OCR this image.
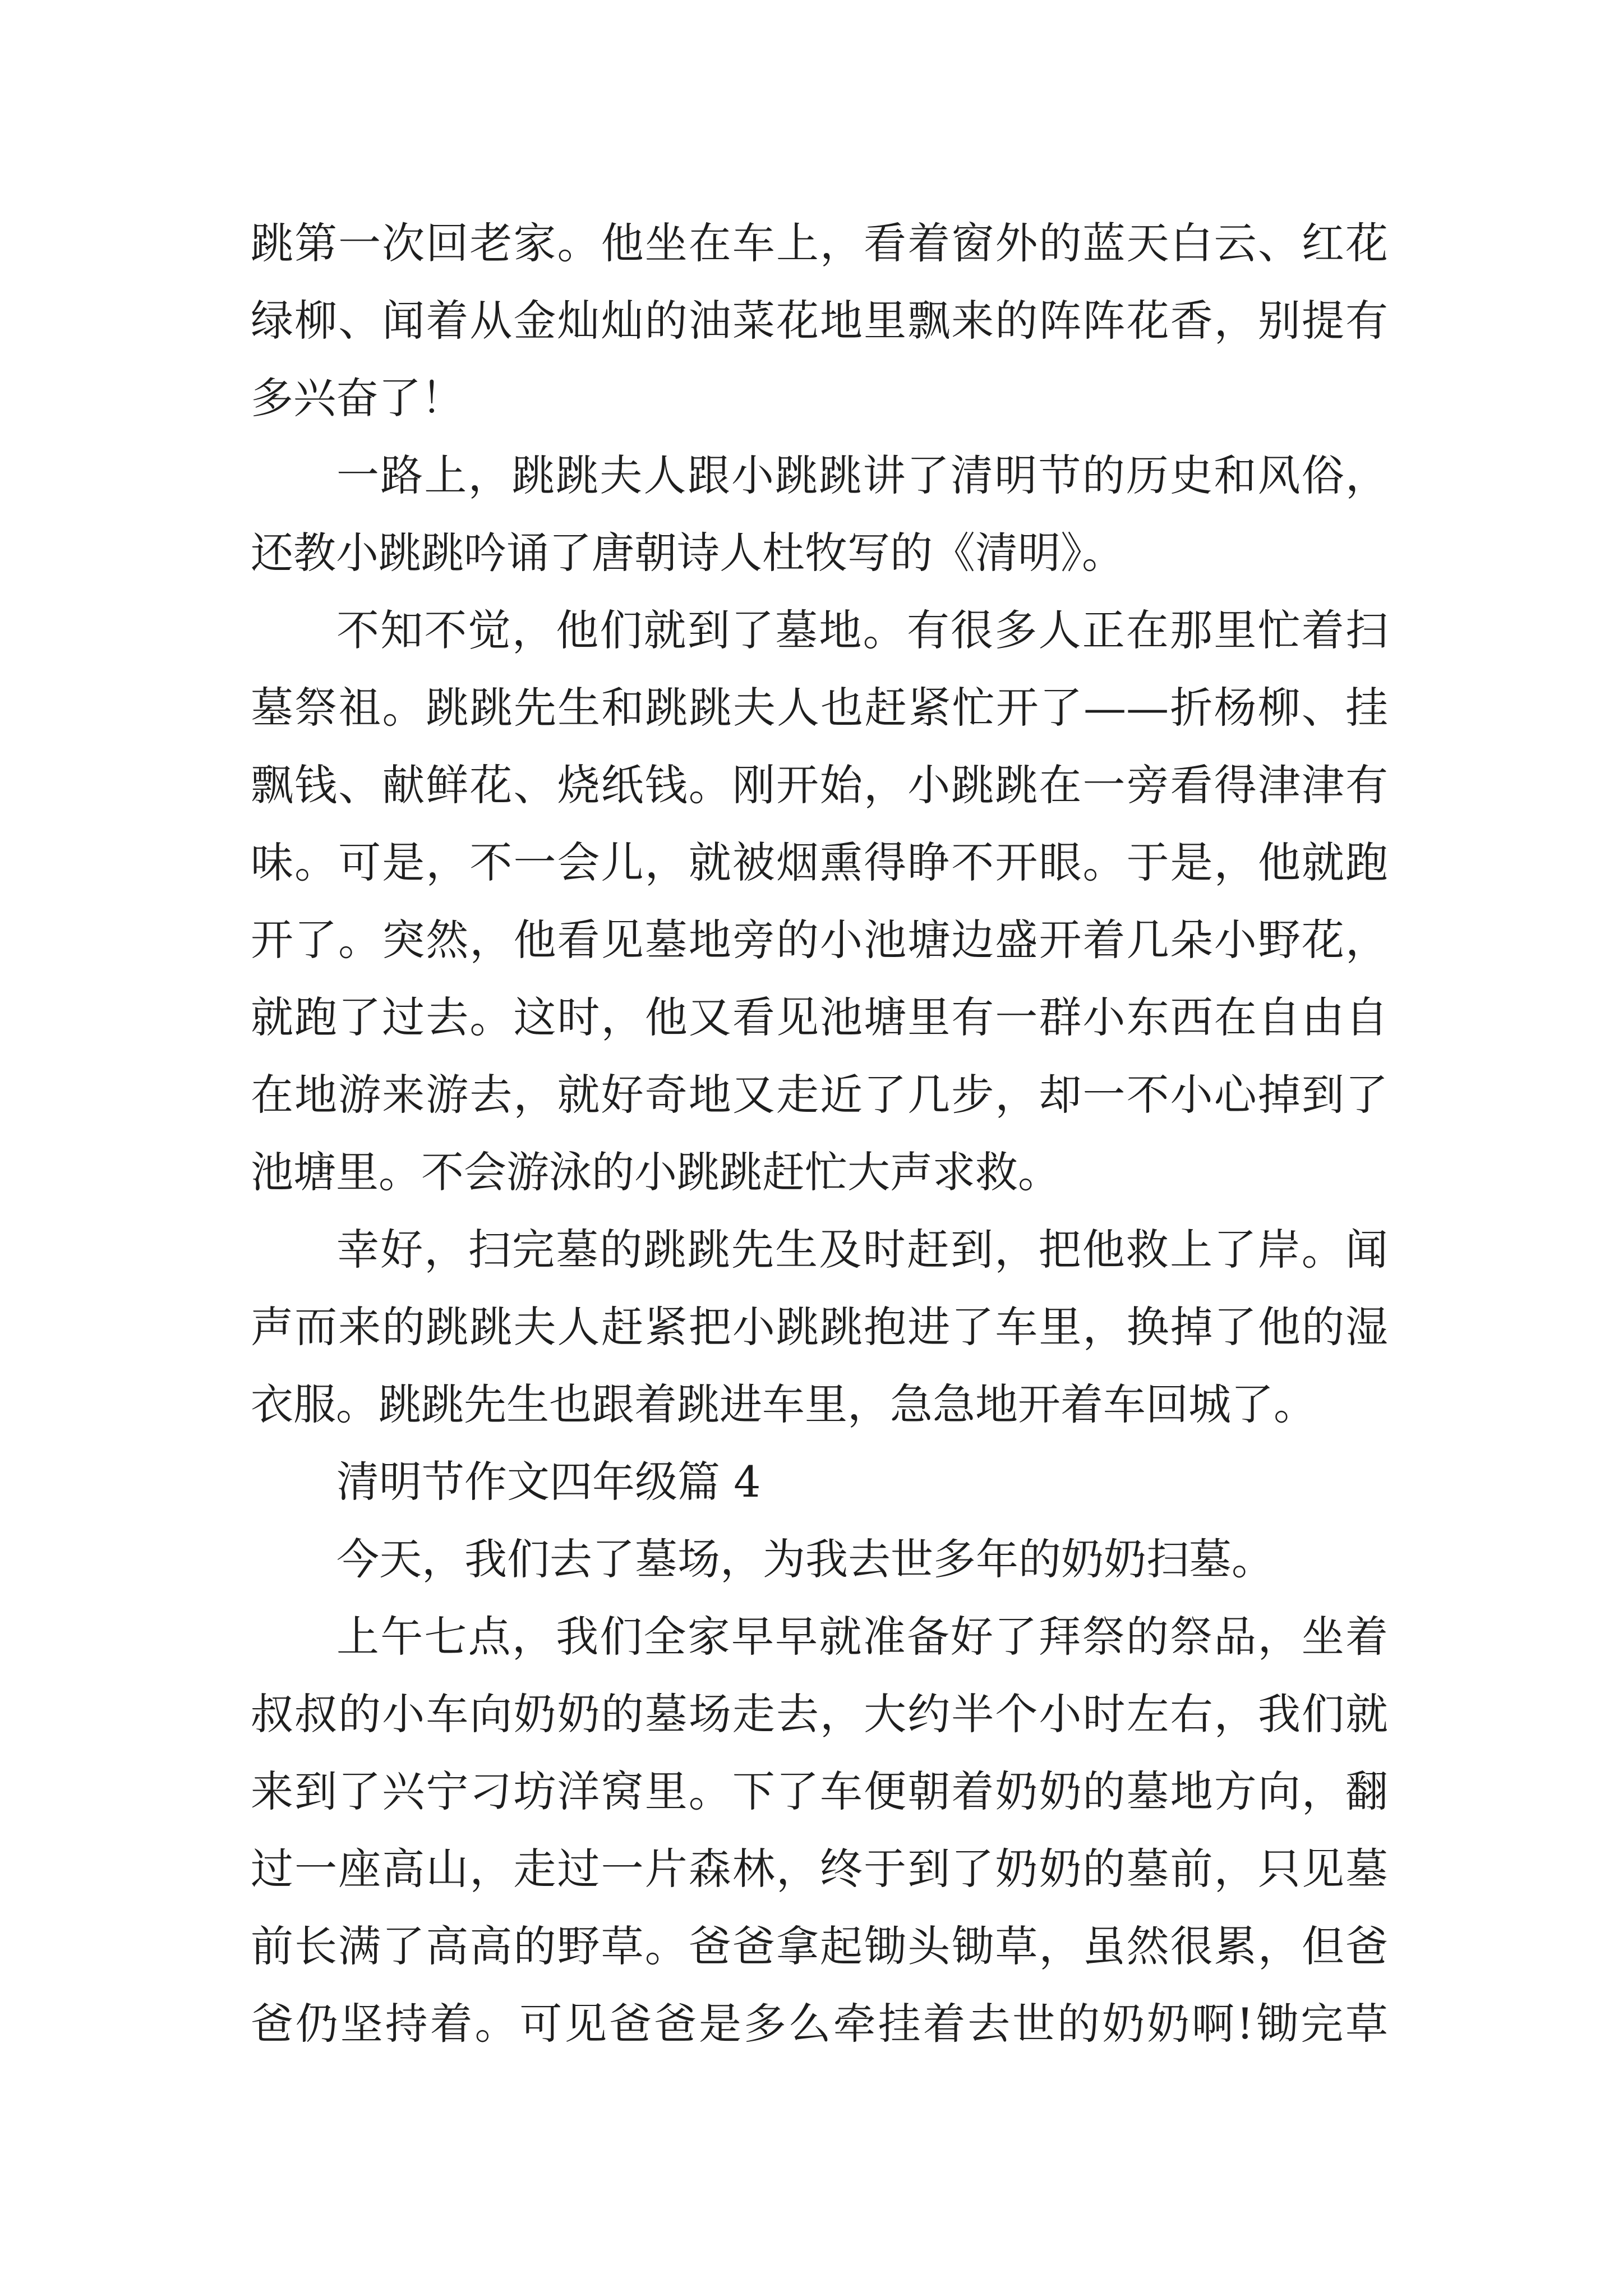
跳第一次回老家。他坐在车上，看着窗外的蓝天白云、红花
绿柳、闻着从金灿灿的油菜花地里飘来的阵阵花香，别提有
多兴奋了！
一路上，跳跳夫人跟小跳跳讲了清明节的历史和风俗，
还教小跳跳吟诵了唐朝诗人杜牧写的《清明》。
不知不觉，他们就到了墓地。有很多人正在那里忙着扫
墓祭祖。跳跳先生和跳跳夫人也赶紧忙开了——折杨柳、挂
飘钱、献鲜花、烧纸钱。刚开始，小跳跳在一旁看得津津有
味。可是，不一会儿，就被烟熏得睁不开眼。于是，他就跑
开了。突然，他看见墓地旁的小池塘边盛开着几朵小野花，
就跑了过去。这时，他又看见池塘里有一群小东西在自由自
在地游来游去，就好奇地又走近了几步，却一不小心掉到了
池塘里。不会游泳的小跳跳赶忙大声求救。
幸好，扫完墓的跳跳先生及时赶到，把他救上了岸。闻
声而来的跳跳夫人赶紧把小跳跳抱进了车里，换掉了他的湿
衣服。跳跳先生也跟着跳进车里，急急地开着车回城了。
清明节作文四年级篇 4
今天，我们去了墓场，为我去世多年的奶奶扫墓。
上午七点，我们全家早早就准备好了拜祭的祭品，坐着
叔叔的小车向奶奶的墓场走去，大约半个小时左右，我们就
来到了兴宁刁坊洋窝里。下了车便朝着奶奶的墓地方向，翻
过一座高山，走过一片森林，终于到了奶奶的墓前，只见墓
前长满了高高的野草。爸爸拿起锄头锄草，虽然很累，但爸
爸仍坚持着。可见爸爸是多么牵挂着去世的奶奶啊!锄完草
